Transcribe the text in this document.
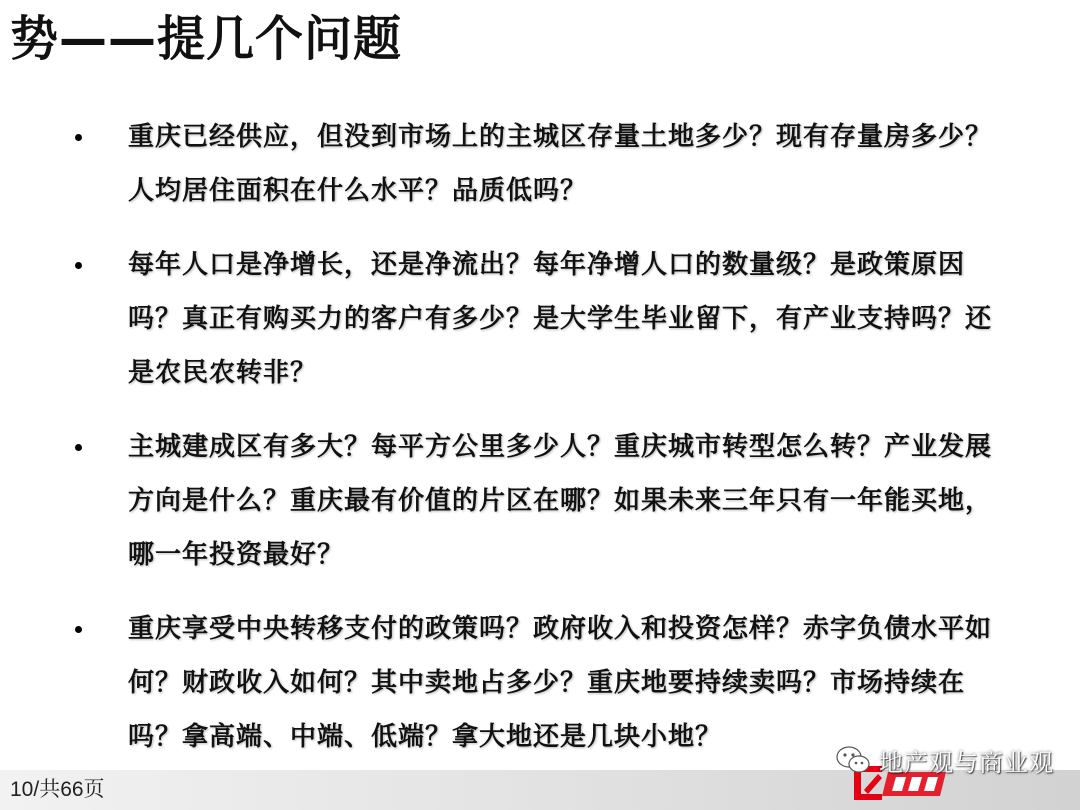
势——提几个问题
重庆已经供应，但没到市场上的主城区存量土地多少？现有存量房多少？人均居住面积在什么水平？品质低吗？
每年人口是净增长，还是净流出？每年净增人口的数量级？是政策原因吗？真正有购买力的客户有多少？是大学生毕业留下，有产业支持吗？还是农民农转非？
主城建成区有多大？每平方公里多少人？重庆城市转型怎么转？产业发展方向是什么？重庆最有价值的片区在哪？如果未来三年只有一年能买地，哪一年投资最好？
重庆享受中央转移支付的政策吗？政府收入和投资怎样？赤字负债水平如何？财政收入如何？其中卖地占多少？重庆地要持续卖吗？市场持续在吗？拿高端、中端、低端？拿大地还是几块小地？
10/共66页
地产观与商业观
